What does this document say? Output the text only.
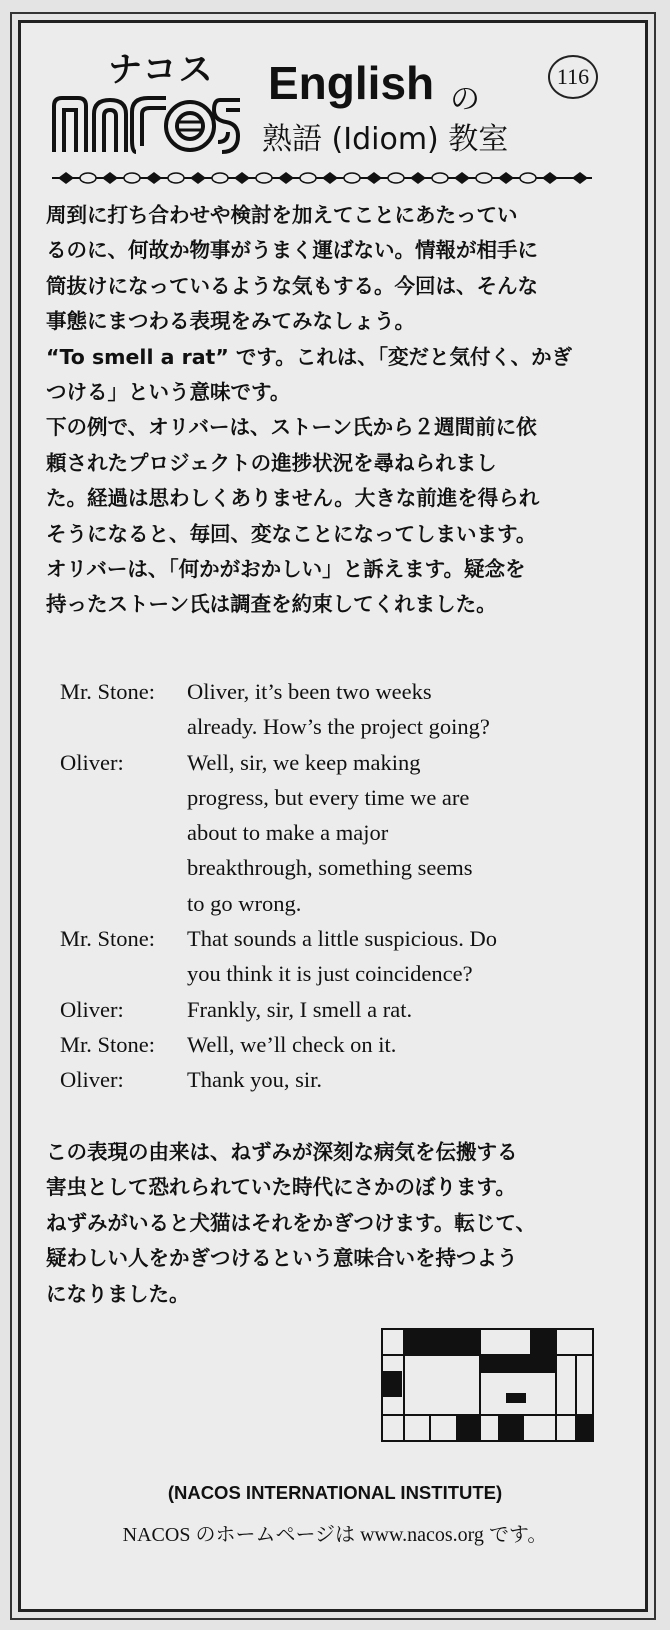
ナコス English の
116
熟語 (Idiom) 教室
周到に打ち合わせや検討を加えてことにあたってい
るのに、何故か物事がうまく運ばない。情報が相手に
筒抜けになっているような気もする。今回は、そんな
事態にまつわる表現をみてみなしょう。
“To smell a rat” です。これは、「変だと気付く、かぎ
つける」という意味です。
下の例で、オリバーは、ストーン氏から２週間前に依
頼されたプロジェクトの進捗状況を尋ねられまし
た。経過は思わしくありません。大きな前進を得られ
そうになると、毎回、変なことになってしまいます。
オリバーは、「何かがおかしい」と訴えます。疑念を
持ったストーン氏は調査を約束してくれました。
Mr. Stone:	Oliver, it’s been two weeks
already. How’s the project going?
Oliver:	Well, sir, we keep making
progress, but every time we are
about to make a major
breakthrough, something seems
to go wrong.
Mr. Stone:	That sounds a little suspicious. Do
you think it is just coincidence?
Oliver:	Frankly, sir, I smell a rat.
Mr. Stone:	Well, we’ll check on it.
Oliver:	Thank you, sir.
この表現の由来は、ねずみが深刻な病気を伝搬する
害虫として恐れられていた時代にさかのぼります。
ねずみがいると犬猫はそれをかぎつけます。転じて、
疑わしい人をかぎつけるという意味合いを持つよう
になりました。
(NACOS INTERNATIONAL INSTITUTE)
NACOS のホームページは www.nacos.org です。
